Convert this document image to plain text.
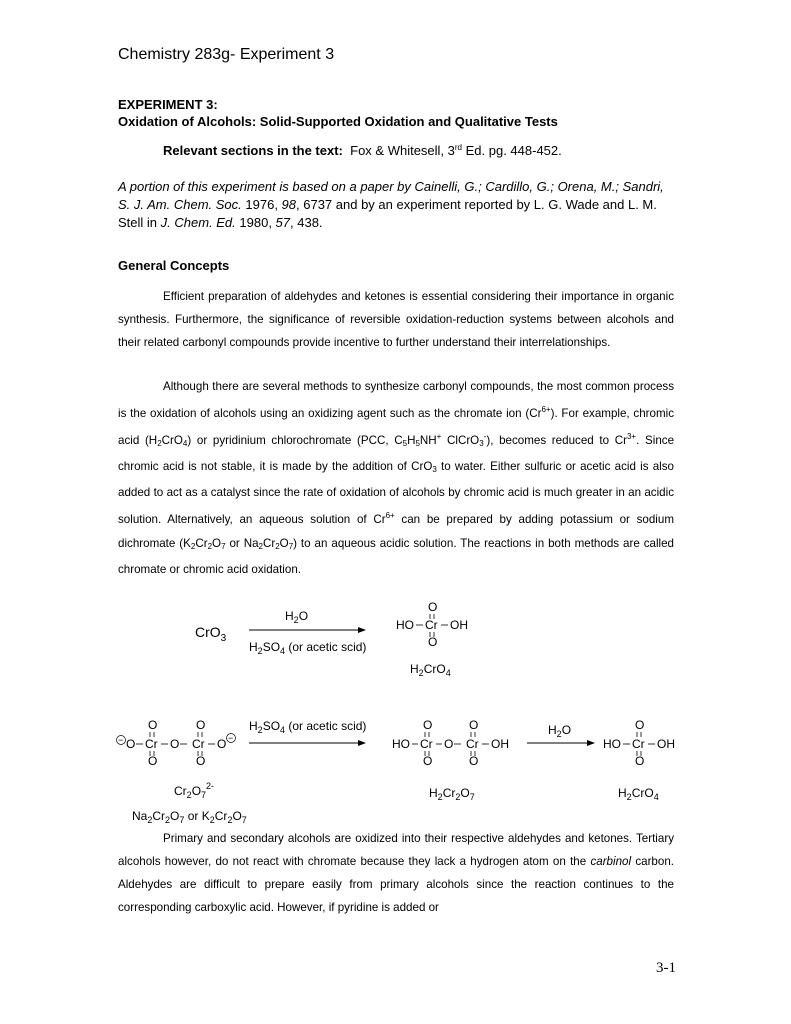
Chemistry 283g- Experiment 3
EXPERIMENT 3:
Oxidation of Alcohols: Solid-Supported Oxidation and Qualitative Tests
Relevant sections in the text: Fox & Whitesell, 3rd Ed. pg. 448-452.
A portion of this experiment is based on a paper by Cainelli, G.; Cardillo, G.; Orena, M.; Sandri, S. J. Am. Chem. Soc. 1976, 98, 6737 and by an experiment reported by L. G. Wade and L. M. Stell in J. Chem. Ed. 1980, 57, 438.
General Concepts

Efficient preparation of aldehydes and ketones is essential considering their importance in organic synthesis. Furthermore, the significance of reversible oxidation-reduction systems between alcohols and their related carbonyl compounds provide incentive to further understand their interrelationships.

Although there are several methods to synthesize carbonyl compounds, the most common process is the oxidation of alcohols using an oxidizing agent such as the chromate ion $(Cr^{6+})$. For example, chromic acid $(H_2CrO_4)$ or pyridinium chlorochromate (PCC, $C_5H_5NH^+$ ClCrO$_3$-), becomes reduced to $Cr^{3+}$. Since chromic acid is not stable, it is made by the addition of CrO$_3$ to water. Either sulfuric or acetic acid is also added to act as a catalyst since the rate of oxidation of alcohols by chromic acid is much greater in an acidic solution. Alternatively, an aqueous solution of $Cr^{6+}$ can be prepared by adding potassium or sodium dichromate ($K_2Cr_2O_7$ or $Na_2Cr_2O_7$) to an aqueous acidic solution. The reactions in both methods are called chromate or chromic acid oxidation.

CrO$_3$
$H_2O$
$H_2SO_4$ (or acetic scid)
O
HO Cr OH
O
$H_2CrO_4$
O	O
− O Cr O Cr O −
O	O
$Cr_2O_7^{2-}$
$Na_2Cr_2O_7$ or $K_2Cr_2O_7$
$H_2SO_4$ (or acetic scid)	O	O
HO Cr O Cr OH
O	O
$H_2Cr_2O_7$
$H_2O$	O
HO Cr OH
O
$H_2CrO_4$

Primary and secondary alcohols are oxidized into their respective aldehydes and ketones. Tertiary alcohols however, do not react with chromate because they lack a hydrogen atom on the carbinol carbon. Aldehydes are difficult to prepare easily from primary alcohols since the reaction continues to the corresponding carboxylic acid. However, if pyridine is added or

3-1
